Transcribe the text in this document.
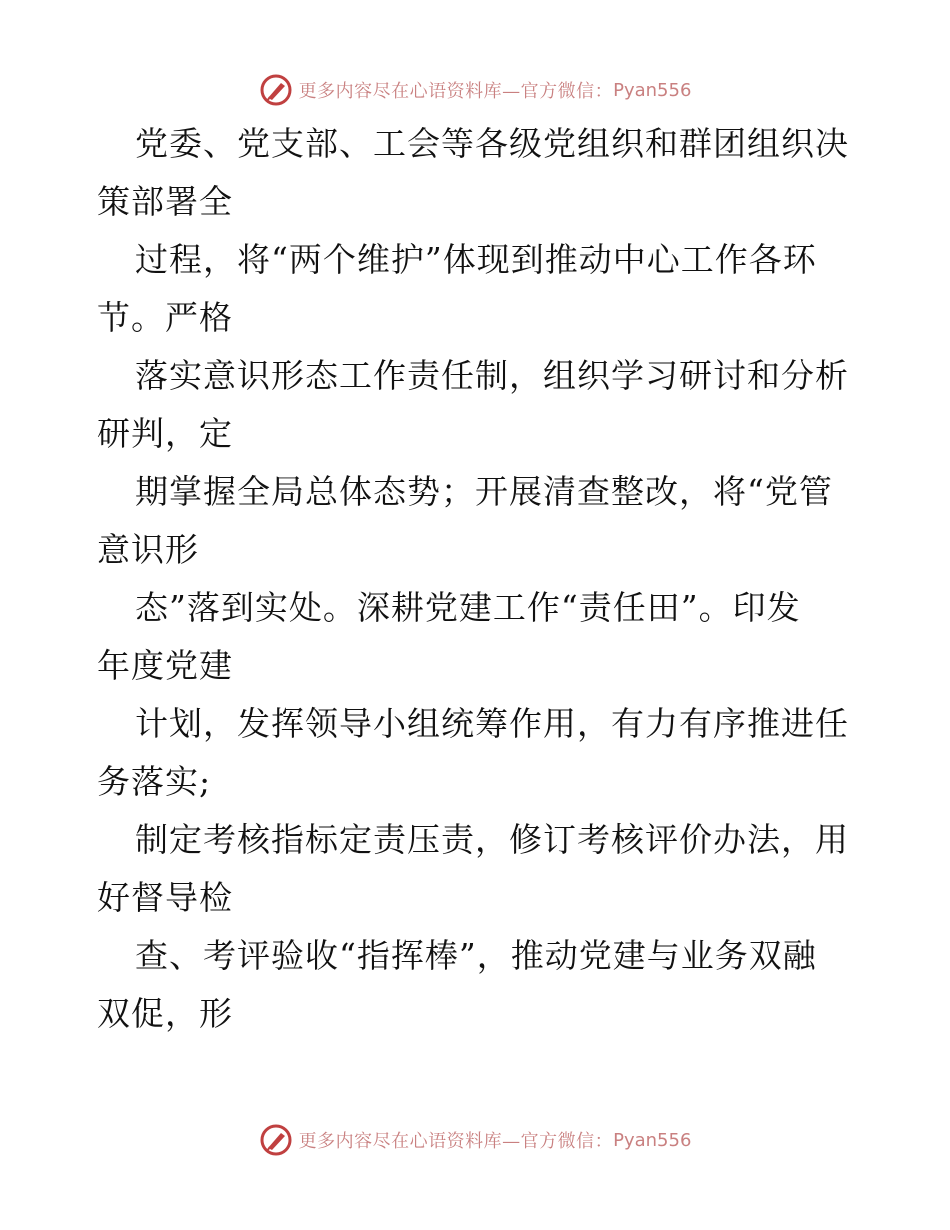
更多内容尽在心语资料库—官方微信： Pyan556

党委、党支部、工会等各级党组织和群团组织决

策部署全

过程，将“两个维护”体现到推动中心工作各环

节。严格

落实意识形态工作责任制，组织学习研讨和分析

研判，定

期掌握全局总体态势；开展清查整改，将“党管

意识形

态”落到实处。深耕党建工作“责任田”。印发

年度党建

计划，发挥领导小组统筹作用，有力有序推进任

务落实;

制定考核指标定责压责，修订考核评价办法，用

好督导检

查、考评验收“指挥棒”，推动党建与业务双融

双促，形

更多内容尽在心语资料库—官方微信： Pyan556
